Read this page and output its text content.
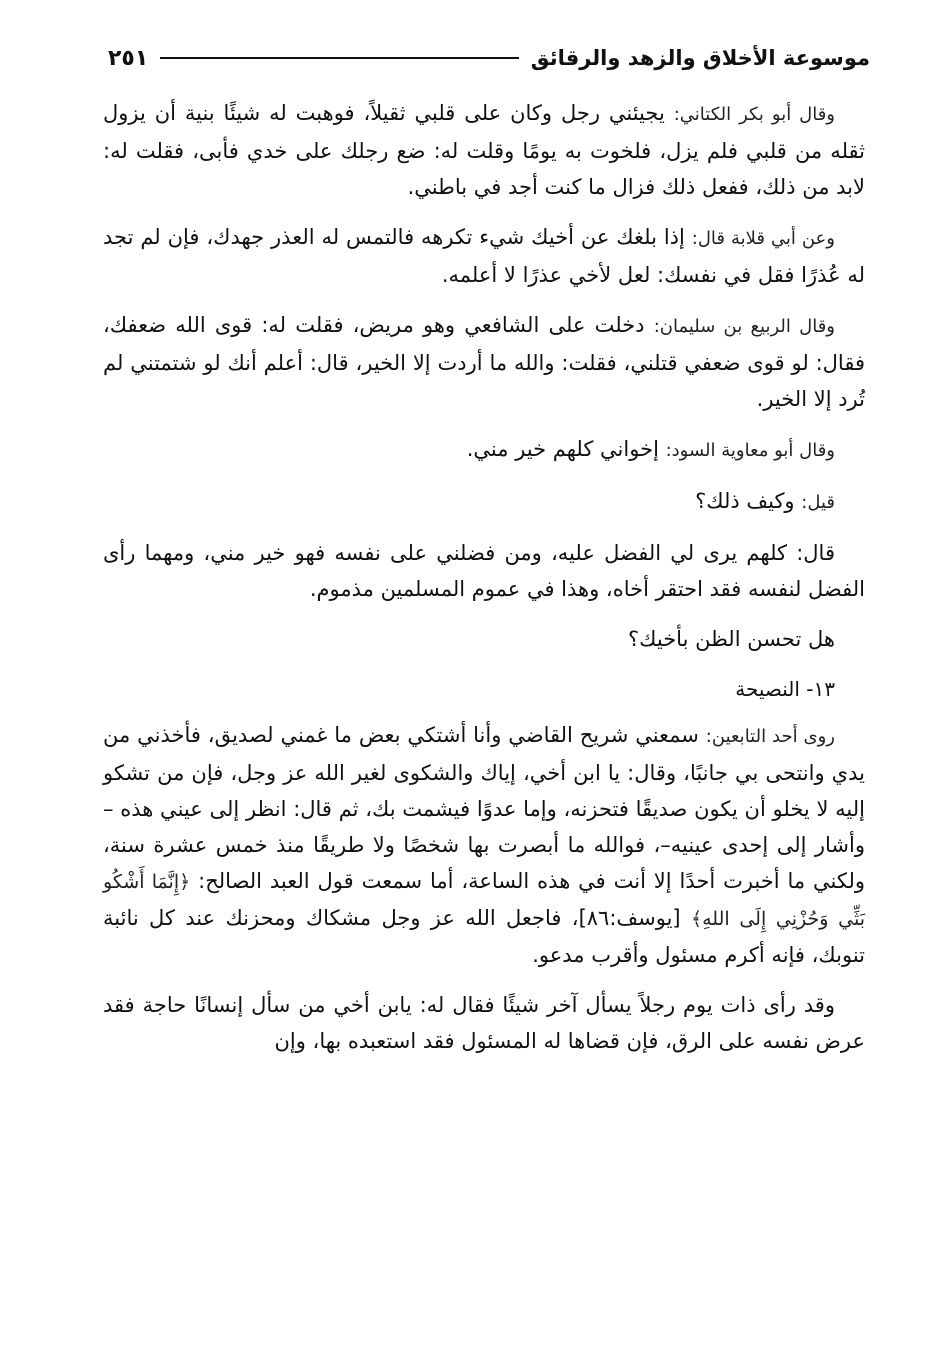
موسوعة الأخلاق والزهد والرقائق
٢٥١

وقال أبو بكر الكتاني: يجيئني رجل وكان على قلبي ثقيلاً، فوهبت له شيئًا بنية أن يزول ثقله من قلبي فلم يزل، فلخوت به يومًا وقلت له: ضع رجلك على خدي فأبى، فقلت له: لابد من ذلك، ففعل ذلك فزال ما كنت أجد في باطني.

وعن أبي قلابة قال: إذا بلغك عن أخيك شيء تكرهه فالتمس له العذر جهدك، فإن لم تجد له عُذرًا فقل في نفسك: لعل لأخي عذرًا لا أعلمه.

وقال الربيع بن سليمان: دخلت على الشافعي وهو مريض، فقلت له: قوى الله ضعفك، فقال: لو قوى ضعفي قتلني، فقلت: والله ما أردت إلا الخير، قال: أعلم أنك لو شتمتني لم تُرد إلا الخير.

وقال أبو معاوية السود: إخواني كلهم خير مني.

قيل: وكيف ذلك؟

قال: كلهم يرى لي الفضل عليه، ومن فضلني على نفسه فهو خير مني، ومهما رأى الفضل لنفسه فقد احتقر أخاه، وهذا في عموم المسلمين مذموم.

هل تحسن الظن بأخيك؟

١٣- النصيحة

روى أحد التابعين: سمعني شريح القاضي وأنا أشتكي بعض ما غمني لصديق، فأخذني من يدي وانتحى بي جانبًا، وقال: يا ابن أخي، إياك والشكوى لغير الله عز وجل، فإن من تشكو إليه لا يخلو أن يكون صديقًا فتحزنه، وإما عدوًا فيشمت بك، ثم قال: انظر إلى عيني هذه –وأشار إلى إحدى عينيه–، فوالله ما أبصرت بها شخصًا ولا طريقًا منذ خمس عشرة سنة، ولكني ما أخبرت أحدًا إلا أنت في هذه الساعة، أما سمعت قول العبد الصالح: ﴿إِنَّمَا أَشْكُو بَثِّي وَحُزْنِي إِلَى اللهِ﴾ [يوسف:٨٦]، فاجعل الله عز وجل مشكاك ومحزنك عند كل نائبة تنوبك، فإنه أكرم مسئول وأقرب مدعو.

وقد رأى ذات يوم رجلاً يسأل آخر شيئًا فقال له: يابن أخي من سأل إنسانًا حاجة فقد عرض نفسه على الرق، فإن قضاها له المسئول فقد استعبده بها، وإن
